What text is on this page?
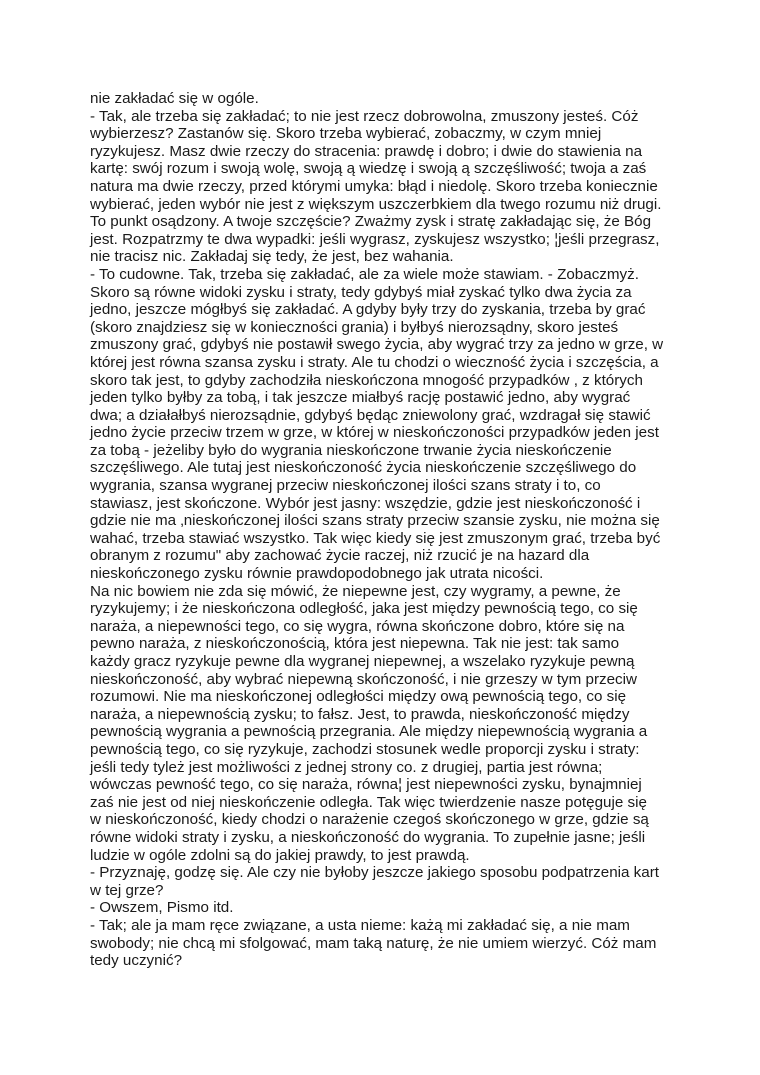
nie zakładać się w ogóle.
- Tak, ale trzeba się zakładać; to nie jest rzecz dobrowolna, zmuszony jesteś. Cóż
wybierzesz? Zastanów się. Skoro trzeba wybierać, zobaczmy, w czym mniej
ryzykujesz. Masz dwie rzeczy do stracenia: prawdę i dobro; i dwie do stawienia na
kartę: swój rozum i swoją wolę, swoją ą wiedzę i swoją ą szczęśliwość; twoja a zaś
natura ma dwie rzeczy, przed którymi umyka: błąd i niedolę. Skoro trzeba koniecznie
wybierać, jeden wybór nie jest z większym uszczerbkiem dla twego rozumu niż drugi.
To punkt osądzony. A twoje szczęście? Zważmy zysk i stratę zakładając się, że Bóg
jest. Rozpatrzmy te dwa wypadki: jeśli wygrasz, zyskujesz wszystko; ¦jeśli przegrasz,
nie tracisz nic. Zakładaj się tedy, że jest, bez wahania.
- To cudowne. Tak, trzeba się zakładać, ale za wiele może stawiam. - Zobaczmyż.
Skoro są równe widoki zysku i straty, tedy gdybyś miał zyskać tylko dwa życia za
jedno, jeszcze mógłbyś się zakładać. A gdyby były trzy do zyskania, trzeba by grać
(skoro znajdziesz się w konieczności grania) i byłbyś nierozsądny, skoro jesteś
zmuszony grać, gdybyś nie postawił swego życia, aby wygrać trzy za jedno w grze, w
której jest równa szansa zysku i straty. Ale tu chodzi o wieczność życia i szczęścia, a
skoro tak jest, to gdyby zachodziła nieskończona mnogość przypadków , z których
jeden tylko byłby za tobą, i tak jeszcze miałbyś rację postawić jedno, aby wygrać
dwa; a działałbyś nierozsądnie, gdybyś będąc zniewolony grać, wzdragał się stawić
jedno życie przeciw trzem w grze, w której w nieskończoności przypadków jeden jest
za tobą - jeżeliby było do wygrania nieskończone trwanie życia nieskończenie
szczęśliwego. Ale tutaj jest nieskończoność życia nieskończenie szczęśliwego do
wygrania, szansa wygranej przeciw nieskończonej ilości szans straty i to, co
stawiasz, jest skończone. Wybór jest jasny: wszędzie, gdzie jest nieskończoność i
gdzie nie ma ‚nieskończonej ilości szans straty przeciw szansie zysku, nie można się
wahać, trzeba stawiać wszystko. Tak więc kiedy się jest zmuszonym grać, trzeba być
obranym z rozumu" aby zachować życie raczej, niż rzucić je na hazard dla
nieskończonego zysku równie prawdopodobnego jak utrata nicości.
Na nic bowiem nie zda się mówić, że niepewne jest, czy wygramy, a pewne, że
ryzykujemy; i że nieskończona odległość, jaka jest między pewnością tego, co się
naraża, a niepewności tego, co się wygra, równa skończone dobro, które się na
pewno naraża, z nieskończonością, która jest niepewna. Tak nie jest: tak samo
każdy gracz ryzykuje pewne dla wygranej niepewnej, a wszelako ryzykuje pewną
nieskończoność, aby wybrać niepewną skończoność, i nie grzeszy w tym przeciw
rozumowi. Nie ma nieskończonej odległości między ową pewnością tego, co się
naraża, a niepewnością zysku; to fałsz. Jest, to prawda, nieskończoność między
pewnością wygrania a pewnością przegrania. Ale między niepewnością wygrania a
pewnością tego, co się ryzykuje, zachodzi stosunek wedle proporcji zysku i straty:
jeśli tedy tyleż jest możliwości z jednej strony co. z drugiej, partia jest równa;
wówczas pewność tego, co się naraża, równa¦ jest niepewności zysku, bynajmniej
zaś nie jest od niej nieskończenie odległa. Tak więc twierdzenie nasze potęguje się
w nieskończoność, kiedy chodzi o narażenie czegoś skończonego w grze, gdzie są
równe widoki straty i zysku, a nieskończoność do wygrania. To zupełnie jasne; jeśli
ludzie w ogóle zdolni są do jakiej prawdy, to jest prawdą.
- Przyznaję, godzę się. Ale czy nie byłoby jeszcze jakiego sposobu podpatrzenia kart
w tej grze?
- Owszem, Pismo itd.
- Tak; ale ja mam ręce związane, a usta nieme: każą mi zakładać się, a nie mam
swobody; nie chcą mi sfolgować, mam taką naturę, że nie umiem wierzyć. Cóż mam
tedy uczynić?
